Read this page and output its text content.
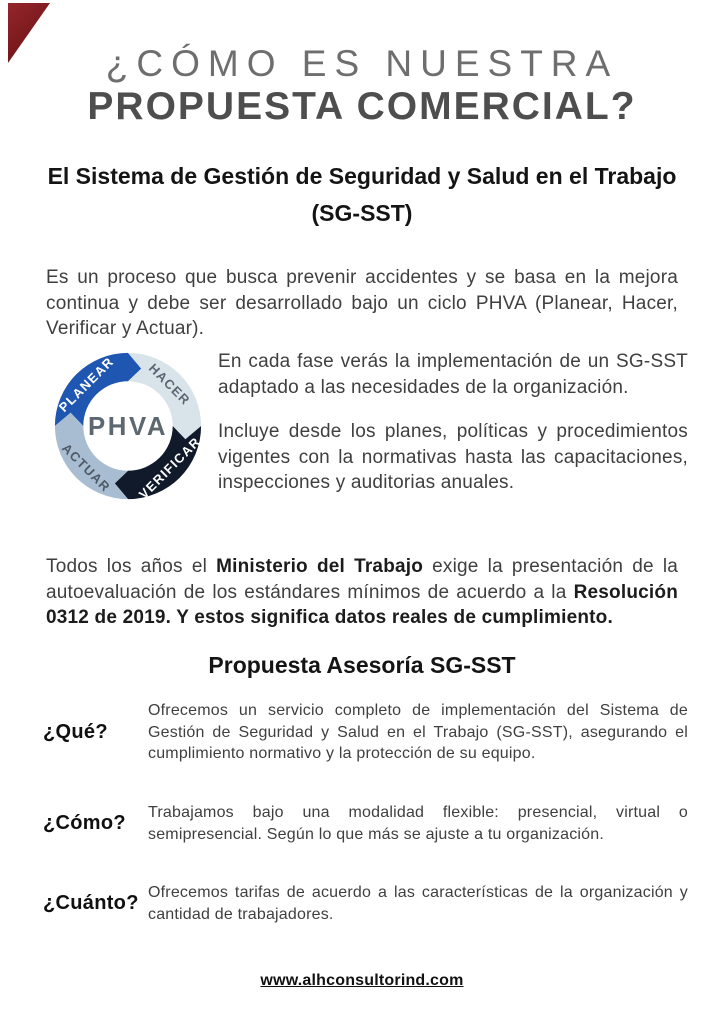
¿CÓMO ES NUESTRA
PROPUESTA COMERCIAL?
El Sistema de Gestión de Seguridad y Salud en el Trabajo
(SG-SST)

Es un proceso que busca prevenir accidentes y se basa en la mejora continua y debe ser desarrollado bajo un ciclo PHVA (Planear, Hacer, Verificar y Actuar).

PLANEAR HACER
VERIFICAR
ACTUAR
PHVA

En cada fase verás la implementación de un SG-SST adaptado a las necesidades de la organización.

Incluye desde los planes, políticas y procedimientos vigentes con la normativas hasta las capacitaciones, inspecciones y auditorias anuales.

Todos los años el Ministerio del Trabajo exige la presentación de la autoevaluación de los estándares mínimos de acuerdo a la Resolución 0312 de 2019. Y estos significa datos reales de cumplimiento.

Propuesta Asesoría SG-SST
¿Qué?
Ofrecemos un servicio completo de implementación del Sistema de Gestión de Seguridad y Salud en el Trabajo (SG-SST), asegurando el cumplimiento normativo y la protección de su equipo.
¿Cómo?	Trabajamos bajo una modalidad flexible: presencial, virtual o semipresencial. Según lo que más se ajuste a tu organización.
¿Cuánto? Ofrecemos tarifas de acuerdo a las características de la organización y cantidad de trabajadores.
www.alhconsultorind.com
